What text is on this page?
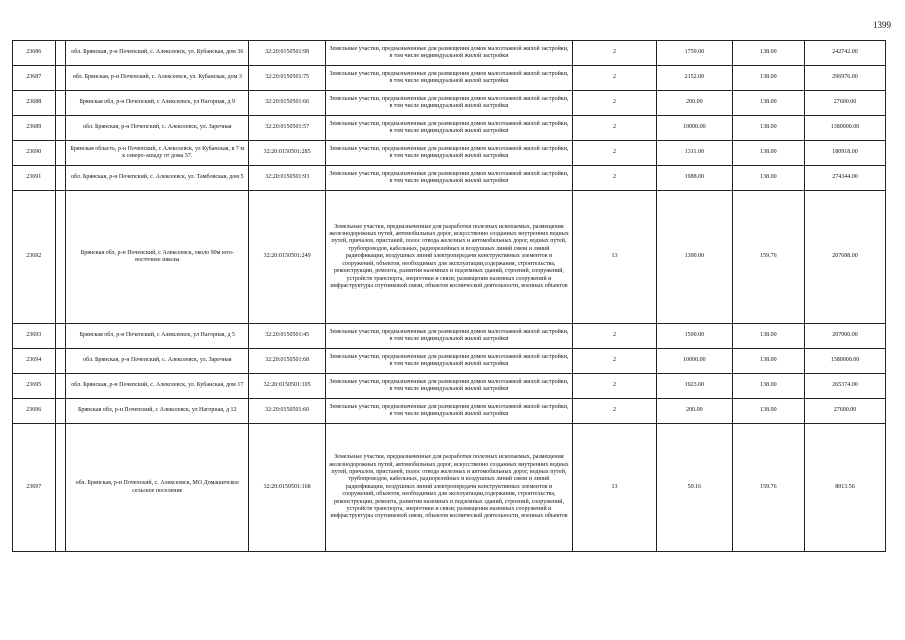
1399
23686		обл. Брянская, р-н Почепский, с. Алексеевск, ул. Кубанская, дом 36	32:20:0150501:98	Земельные участки, предназначенные для размещения домов малоэтажной жилой застройки, в том числе индивидуальной жилой застройки	2	1759.00	138.00	242742.00
23687		обл. Брянская, р-н Почепский, с. Алексеевск, ул. Кубанская, дом 3	32:20:0150501:75	Земельные участки, предназначенные для размещения домов малоэтажной жилой застройки, в том числе индивидуальной жилой застройки	2	2152.00	138.00	296976.00
23688		Брянская обл, р-н Почепский, с Алексеевск, ул Нагорная, д 9	32:20:0150501:66	Земельные участки, предназначенные для размещения домов малоэтажной жилой застройки, в том числе индивидуальной жилой застройки	2	200.00	138.00	27600.00
23689		обл. Брянская, р-н Почепский, с. Алексеевск, ул. Заречная	32:20:0150501:57	Земельные участки, предназначенные для размещения домов малоэтажной жилой застройки, в том числе индивидуальной жилой застройки	2	10000.00	138.00	1380000.00
23690		Брянская область, р-н Почепский, с Алексеевск, ул Кубанская, в 7 м к северо-западу от дома 37.	32:20:0150501:285	Земельные участки, предназначенные для размещения домов малоэтажной жилой застройки, в том числе индивидуальной жилой застройки	2	1311.00	138.00	180918.00
23691		обл. Брянская, р-н Почепский, с. Алексеевск, ул. Тамбовская, дом 5	32:20:0150501:93	Земельные участки, предназначенные для размещения домов малоэтажной жилой застройки, в том числе индивидуальной жилой застройки	2	1988.00	138.00	274344.00
23692		Брянская обл, р-н Почепский, с Алексеевск, около 90м юго-восточнее школы	32:20:0150501:249	Земельные участки, предназначенные для разработки полезных ископаемых, размещения железнодорожных путей, автомобильных дорог, искусственно созданных внутренних водных путей, причалов, пристаней, полос отвода железных и автомобильных дорог, водных путей, трубопроводов, кабельных, радиорелейных и воздушных линий связи и линий радиофикации, воздушных линий электропередачи конструктивных элементов и сооружений, объектов, необходимых для эксплуатации,содержания, строительства, реконструкции, ремонта, развития наземных и подземных зданий, строений, сооружений, устройств транспорта, энергетики и связи; размещения наземных сооружений и инфраструктуры спутниковой связи, объектов космической деятельности, военных объектов	13	1300.00	159.76	207688.00
23693		Брянская обл, р-н Почепский, с Алексеевск, ул Нагорная, д 5	32:20:0150501:45	Земельные участки, предназначенные для размещения домов малоэтажной жилой застройки, в том числе индивидуальной жилой застройки	2	1500.00	138.00	207000.00
23694		обл. Брянская, р-н Почепский, с. Алексеевск, ул. Заречная	32:20:0150501:68	Земельные участки, предназначенные для размещения домов малоэтажной жилой застройки, в том числе индивидуальной жилой застройки	2	10000.00	138.00	1380000.00
23695		обл. Брянская, р-н Почепский, с. Алексеевск, ул. Кубанская, дом 17	32:20:0150501:105	Земельные участки, предназначенные для размещения домов малоэтажной жилой застройки, в том числе индивидуальной жилой застройки	2	1923.00	138.00	265374.00
23696		Брянская обл, р-н Почепский, с Алексеевск, ул Нагорная, д 12	32:20:0150501:60	Земельные участки, предназначенные для размещения домов малоэтажной жилой застройки, в том числе индивидуальной жилой застройки	2	200.00	138.00	27600.00
23697		обл. Брянская, р-н Почепский, с. Алексеевск, МО Домашичское сельское поселение	32:20:0150501:168	Земельные участки, предназначенные для разработки полезных ископаемых, размещения железнодорожных путей, автомобильных дорог, искусственно созданных внутренних водных путей, причалов, пристаней, полос отвода железных и автомобильных дорог, водных путей, трубопроводов, кабельных, радиорелейных и воздушных линий связи и линий радиофикации, воздушных линий электропередачи конструктивных элементов и сооружений, объектов, необходимых для эксплуатации,содержания, строительства, реконструкции, ремонта, развития наземных и подземных зданий, строений, сооружений, устройств транспорта, энергетики и связи; размещения наземных сооружений и инфраструктуры спутниковой связи, объектов космической деятельности, военных объектов	13	50.16	159.76	8013.56
